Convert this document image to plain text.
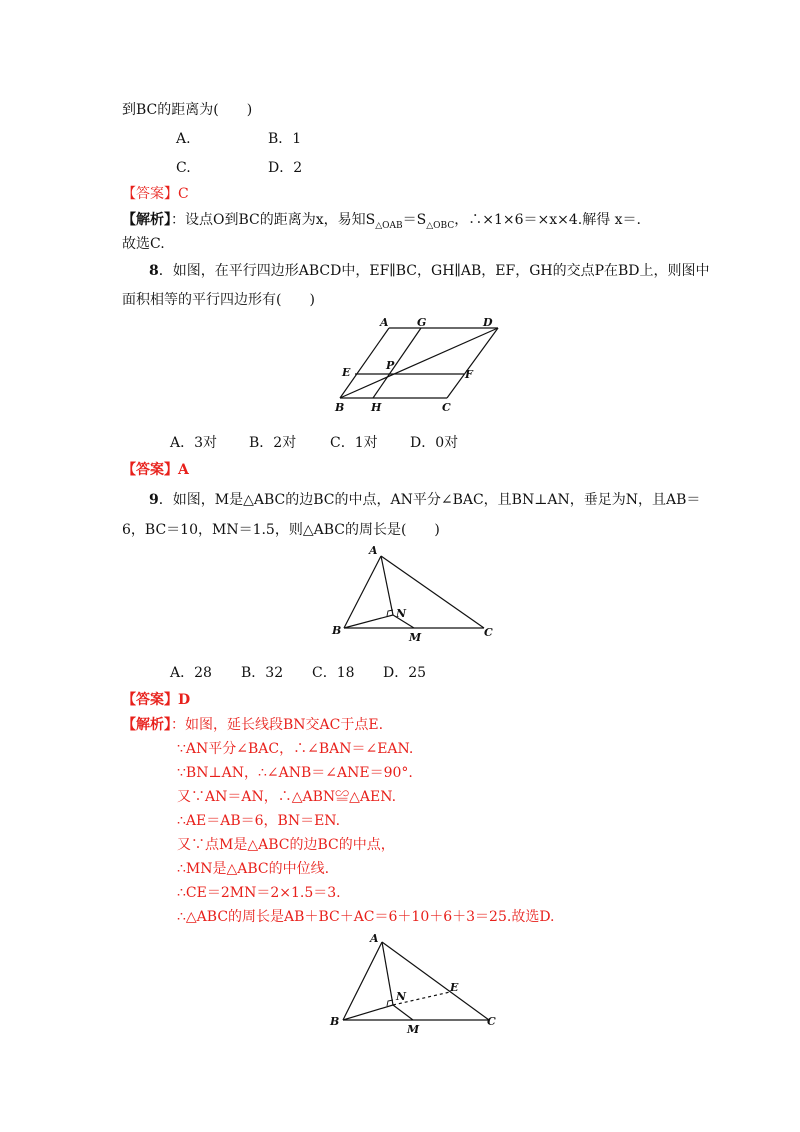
到BC的距离为(　　)
A.	B．1
C.	D．2
【答案】C
【解析】：设点O到BC的距离为x，易知$S_{\triangle OAB}=S_{\triangle OBC}$，∴×1×6＝×x×4.解得 x＝.
故选C.
8．如图，在平行四边形ABCD中，EF∥BC，GH∥AB，EF，GH的交点P在BD上，则图中
面积相等的平行四边形有(　　)
A	G	D
E
P
F
B H	C
A．3对 B．2对 C．1对 D．0对
【答案】A
9．如图，M是△ABC的边BC的中点，AN平分∠BAC，且BN⊥AN，垂足为N，且AB＝
6，BC＝10，MN＝1.5，则△ABC的周长是(　　)
A
N
B
M	C
A．28 B．32 C．18 D．25
【答案】D
【解析】：如图，延长线段BN交AC于点E.
∵AN平分∠BAC，∴∠BAN＝∠EAN.
∵BN⊥AN，∴∠ANB＝∠ANE＝90°.
又∵AN＝AN，∴△ABN≌△AEN.
∴AE＝AB＝6，BN＝EN.
又∵点M是△ABC的边BC的中点，
∴MN是△ABC的中位线.
∴CE＝2MN＝2×1.5＝3.
∴△ABC的周长是AB＋BC＋AC＝6＋10＋6＋3＝25.故选D.
A
N
E
B
M
C
